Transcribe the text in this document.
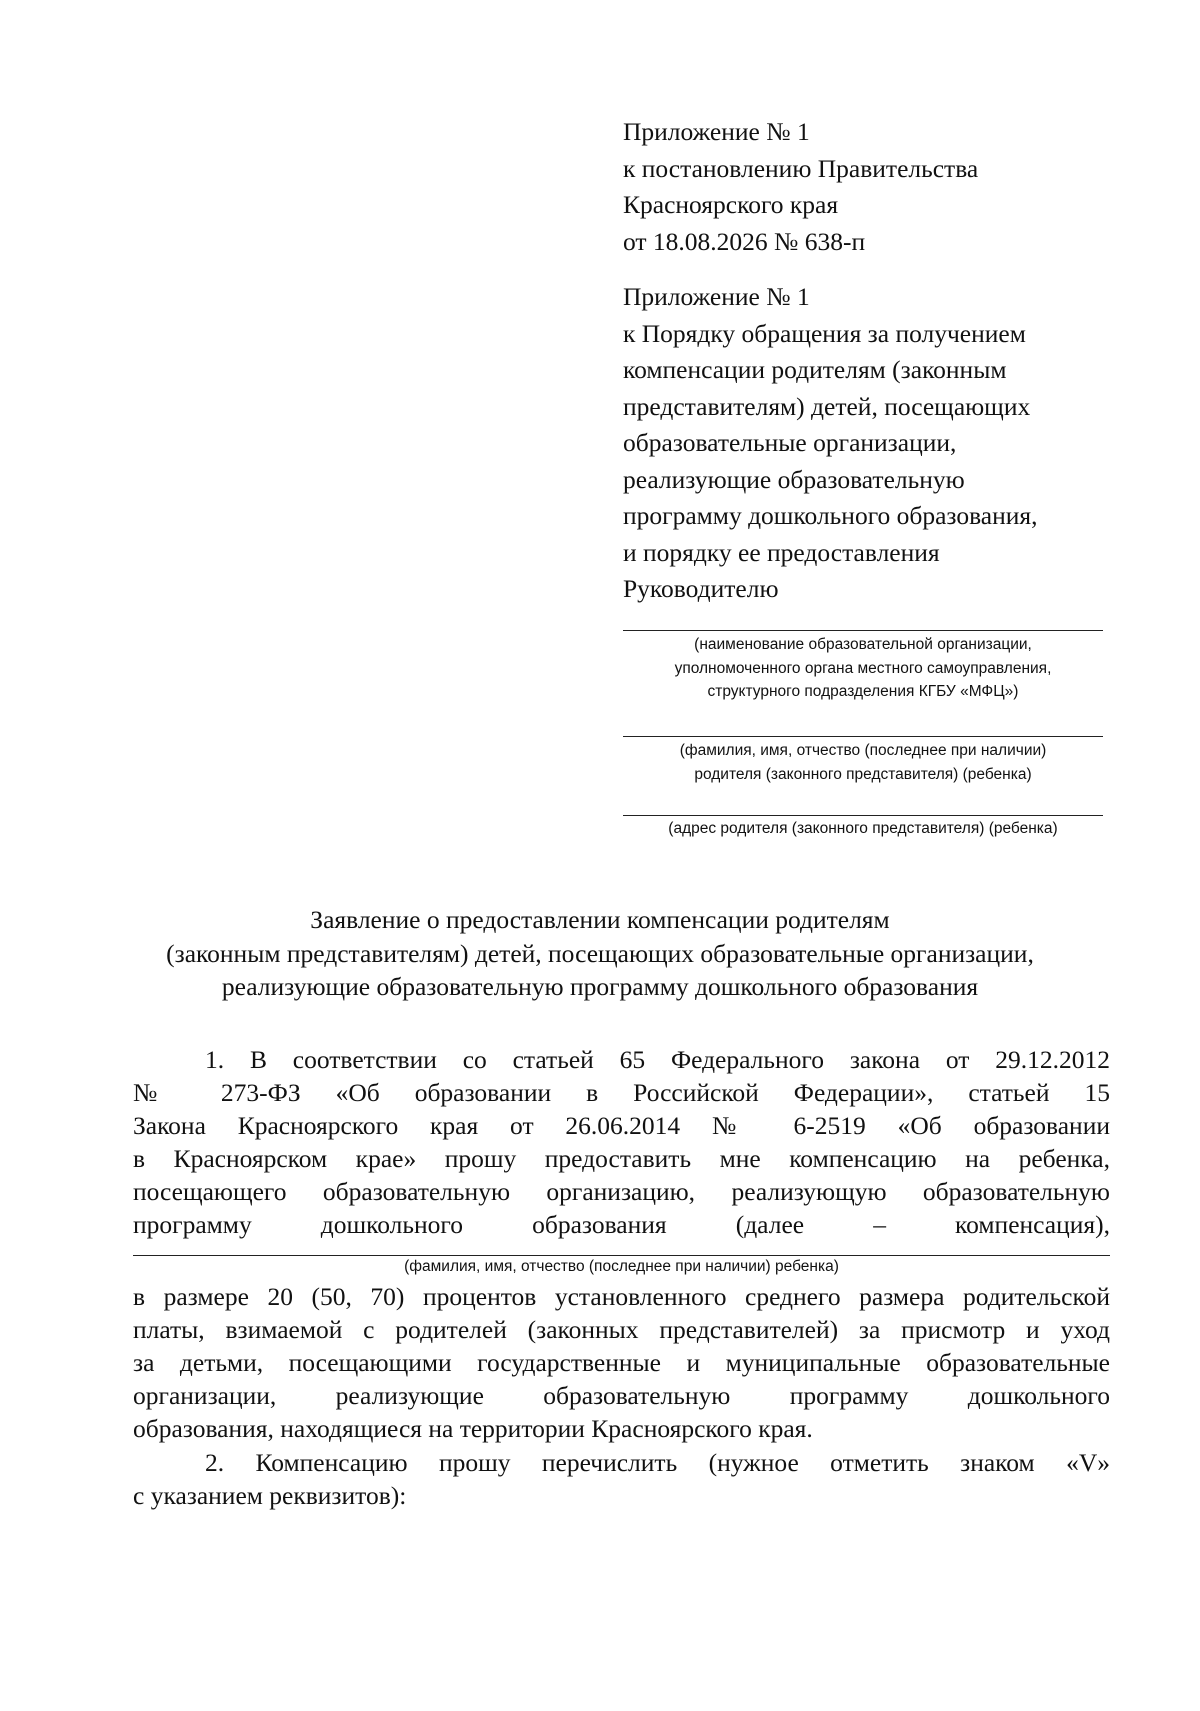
Приложение № 1
к постановлению Правительства
Красноярского края
от 18.08.2026 № 638-п
Приложение № 1
к Порядку обращения за получением
компенсации родителям (законным
представителям) детей, посещающих
образовательные организации,
реализующие образовательную
программу дошкольного образования,
и порядку ее предоставления
Руководителю
(наименование образовательной организации,
уполномоченного органа местного самоуправления,
структурного подразделения КГБУ «МФЦ»)
(фамилия, имя, отчество (последнее при наличии)
родителя (законного представителя) (ребенка)
(адрес родителя (законного представителя) (ребенка)
Заявление о предоставлении компенсации родителям
(законным представителям) детей, посещающих образовательные организации,
реализующие образовательную программу дошкольного образования
1. В соответствии со статьей 65 Федерального закона от 29.12.2012
№ 273-ФЗ «Об образовании в Российской Федерации», статьей 15
Закона Красноярского края от 26.06.2014 № 6-2519 «Об образовании
в Красноярском крае» прошу предоставить мне компенсацию на ребенка,
посещающего образовательную организацию, реализующую образовательную
программу дошкольного образования (далее – компенсация),
(фамилия, имя, отчество (последнее при наличии) ребенка)
в размере 20 (50, 70) процентов установленного среднего размера родительской
платы, взимаемой с родителей (законных представителей) за присмотр и уход
за детьми, посещающими государственные и муниципальные образовательные
организации, реализующие образовательную программу дошкольного
образования, находящиеся на территории Красноярского края.
2. Компенсацию прошу перечислить (нужное отметить знаком «V»
с указанием реквизитов):
